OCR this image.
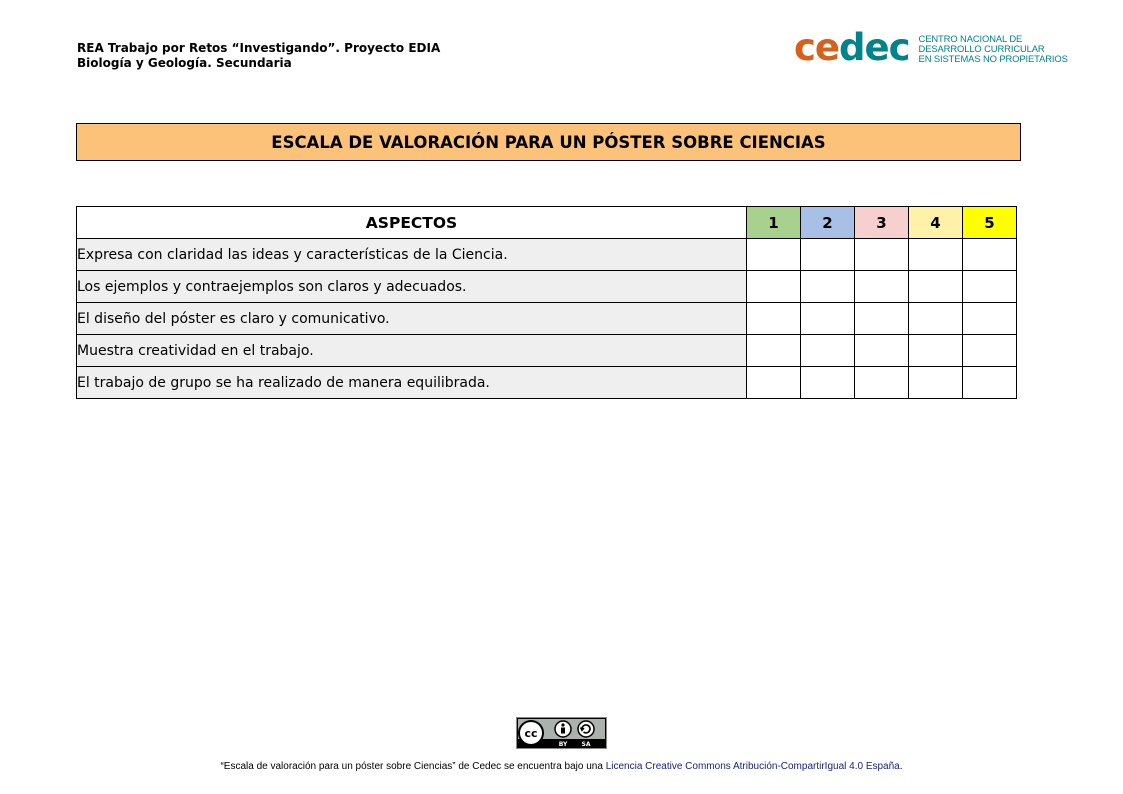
REA Trabajo por Retos “Investigando”. Proyecto EDIA
Biología y Geología. Secundaria	cedec CENTRO NACIONAL DE
DESARROLLO CURRICULAR
EN SISTEMAS NO PROPIETARIOS
ESCALA DE VALORACIÓN PARA UN PÓSTER SOBRE CIENCIAS
ASPECTOS	1	2	3	4	5
Expresa con claridad las ideas y características de la Ciencia.					
Los ejemplos y contraejemplos son claros y adecuados.					
El diseño del póster es claro y comunicativo.					
Muestra creatividad en el trabajo.					
El trabajo de grupo se ha realizado de manera equilibrada.					
cc
BY SA
“Escala de valoración para un póster sobre Ciencias” de Cedec se encuentra bajo una Licencia Creative Commons Atribución-CompartirIgual 4.0 España.
